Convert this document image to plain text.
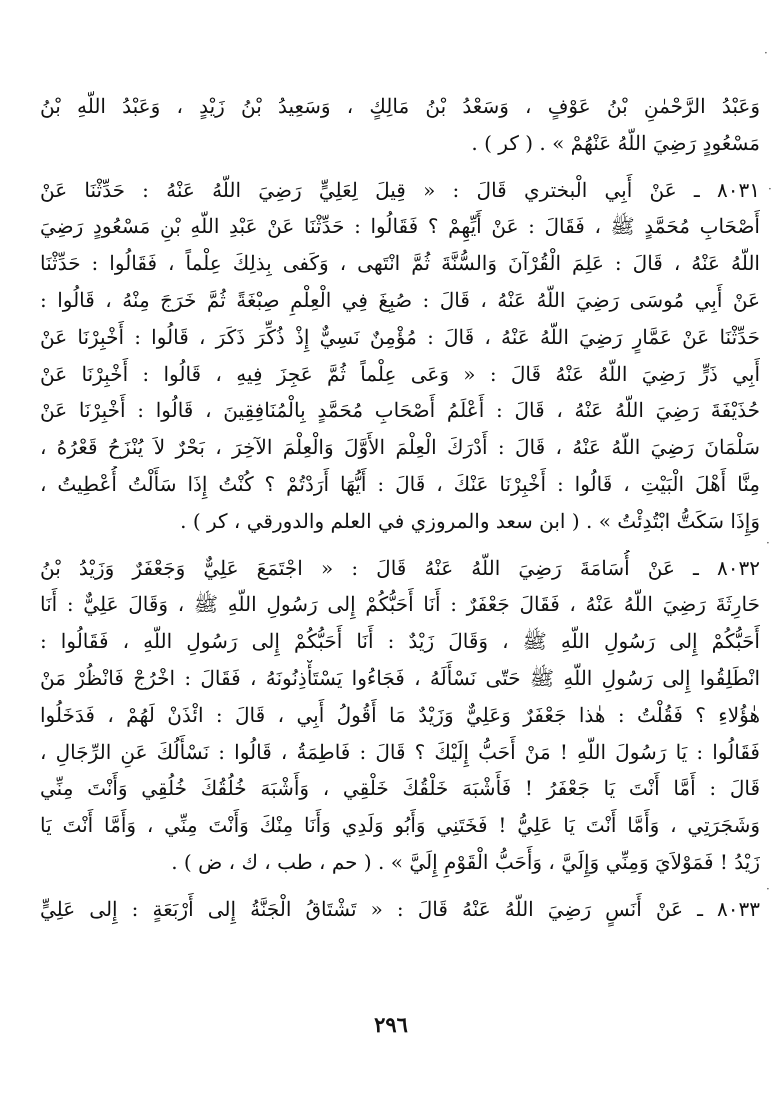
وَعَبْدُ الرَّحْمٰنِ بْنُ عَوْفٍ ، وَسَعْدُ بْنُ مَالِكٍ ، وَسَعِيدُ بْنُ زَيْدٍ ، وَعَبْدُ اللّهِ بْنُ
مَسْعُودٍ رَضِيَ اللّهُ عَنْهُمْ » . ( كر ) .
٨٠٣١ ـ عَنْ أَبِي الْبختري قَالَ : « قِيلَ لِعَلِيٍّ رَضِيَ اللّهُ عَنْهُ : حَدِّثْنَا عَنْ
أَصْحَابِ مُحَمَّدٍ ﷺ ، فَقَالَ : عَنْ أَيِّهِمْ ؟ فَقَالُوا : حَدِّثْنَا عَنْ عَبْدِ اللّهِ بْنِ مَسْعُودٍ رَضِيَ
اللّهُ عَنْهُ ، قَالَ : عَلِمَ الْقُرْآنَ وَالسُّنَّةَ ثُمَّ انْتَهى ، وَكَفى بِذلِكَ عِلْماً ، فَقَالُوا : حَدِّثْنَا
عَنْ أَبِي مُوسَى رَضِيَ اللّهُ عَنْهُ ، قَالَ : صُبِغَ فِي الْعِلْمِ صِبْغَةً ثُمَّ خَرَجَ مِنْهُ ، قَالُوا :
حَدِّثْنَا عَنْ عَمَّارٍ رَضِيَ اللّهُ عَنْهُ ، قَالَ : مُؤْمِنٌ نَسِيٌّ إِذْ ذُكِّرَ ذَكَرَ ، قَالُوا : أَخْبِرْنَا عَنْ
أَبِي ذَرٍّ رَضِيَ اللّهُ عَنْهُ قَالَ : « وَعَى عِلْماً ثُمَّ عَجِزَ فِيهِ ، قَالُوا : أَخْبِرْنَا عَنْ
حُذَيْفَةَ رَضِيَ اللّهُ عَنْهُ ، قَالَ : أَعْلَمُ أَصْحَابِ مُحَمَّدٍ بِالْمُنَافِقِينَ ، قَالُوا : أَخْبِرْنَا عَنْ
سَلْمَانَ رَضِيَ اللّهُ عَنْهُ ، قَالَ : أَدْرَكَ الْعِلْمَ الأَوَّلَ وَالْعِلْمَ الآخِرَ ، بَحْرٌ لاَ يُنْزَحُ قَعْرُهُ ،
مِنَّا أَهْلَ الْبَيْتِ ، قَالُوا : أَخْبِرْنَا عَنْكَ ، قَالَ : أَيُّهَا أَرَدْتُمْ ؟ كُنْتُ إِذَا سَأَلْتُ أُعْطِيتُ ،
وَإِذَا سَكَتُّ ابْتُدِئْتُ » . ( ابن سعد والمروزي في العلم والدورقي ، كر ) .
٨٠٣٢ ـ عَنْ أُسَامَةَ رَضِيَ اللّهُ عَنْهُ قَالَ : « اجْتَمَعَ عَلِيٌّ وَجَعْفَرٌ وَزَيْدُ بْنُ
حَارِثَةَ رَضِيَ اللّهُ عَنْهُ ، فَقَالَ جَعْفَرٌ : أَنَا أَحَبُّكُمْ إِلى رَسُولِ اللّهِ ﷺ ، وَقَالَ عَلِيٌّ : أَنَا
أَحَبُّكُمْ إِلى رَسُولِ اللّهِ ﷺ ، وَقَالَ زَيْدٌ : أَنَا أَحَبُّكُمْ إِلى رَسُولِ اللّهِ ، فَقَالُوا :
انْطَلِقُوا إِلى رَسُولِ اللّهِ ﷺ حَتّى نَسْأَلَهُ ، فَجَاءُوا يَسْتَأْذِنُونَهُ ، فَقَالَ : اخْرُجْ فَانْظُرْ مَنْ
هٰؤُلاءِ ؟ فَقُلْتُ : هٰذا جَعْفَرٌ وَعَلِيٌّ وَزَيْدٌ مَا أَقُولُ أَبِي ، قَالَ : ائْذَنْ لَهُمْ ، فَدَخَلُوا
فَقَالُوا : يَا رَسُولَ اللّهِ ! مَنْ أَحَبُّ إِلَيْكَ ؟ قَالَ : فَاطِمَةُ ، قَالُوا : نَسْأَلُكَ عَنِ الرِّجَالِ ،
قَالَ : أَمَّا أَنْتَ يَا جَعْفَرُ ! فَأَشْبَهَ خَلْقُكَ خَلْقِي ، وَأَشْبَهَ خُلُقُكَ خُلُقِي وَأَنْتَ مِنِّي
وَشَجَرَتِي ، وَأَمَّا أَنْتَ يَا عَلِيُّ ! فَخَتَنِي وَأَبُو وَلَدِي وَأَنَا مِنْكَ وَأَنْتَ مِنِّي ، وَأَمَّا أَنْتَ يَا
زَيْدُ ! فَمَوْلاَيَ وَمِنِّي وَإِلَيَّ ، وَأَحَبُّ الْقَوْمِ إِلَيَّ » . ( حم ، طب ، ك ، ض ) .
٨٠٣٣ ـ عَنْ أَنَسٍ رَضِيَ اللّهُ عَنْهُ قَالَ : « تَشْتَاقُ الْجَنَّةُ إِلى أَرْبَعَةٍ : إِلى عَلِيٍّ
٢٩٦
·
·
·
·
